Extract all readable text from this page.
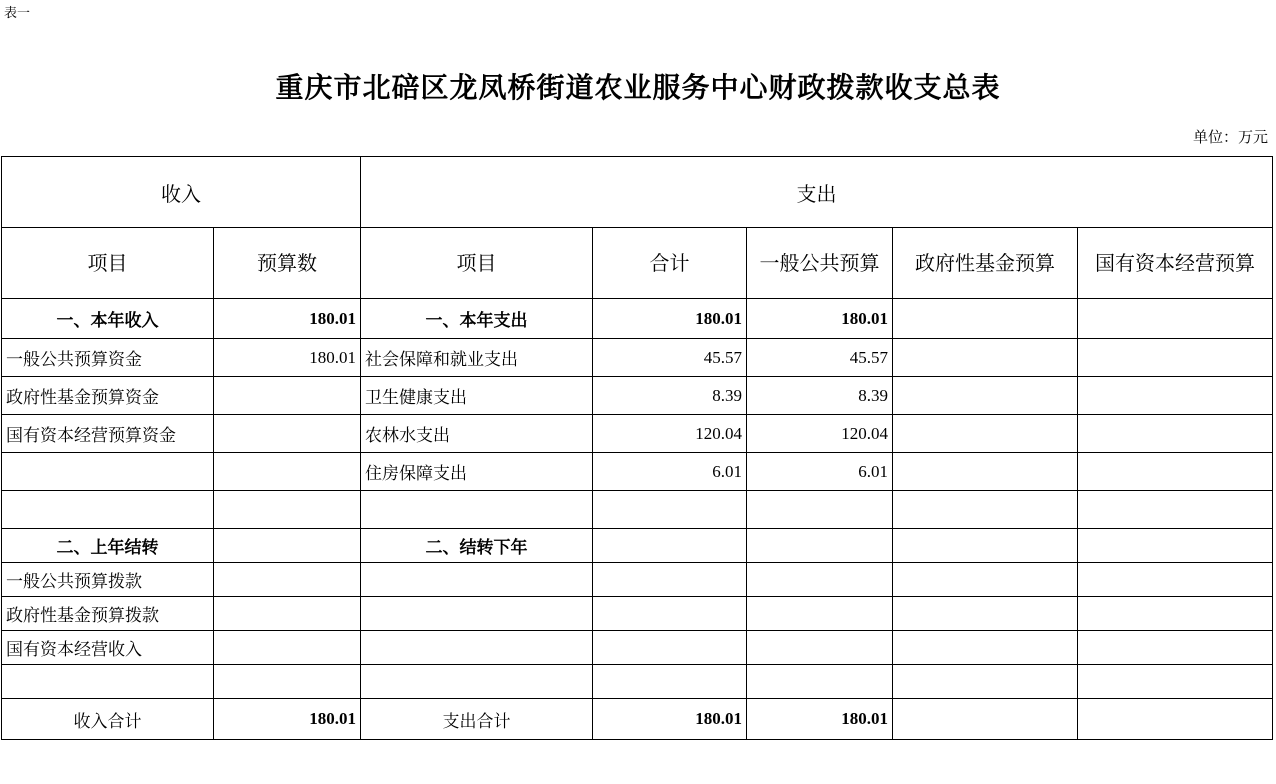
表一
重庆市北碚区龙凤桥街道农业服务中心财政拨款收支总表
单位：万元
收入		支出				
项目	预算数	项目	合计	一般公共预算	政府性基金预算	国有资本经营预算
一、本年收入	180.01	一、本年支出	180.01	180.01		
一般公共预算资金	180.01	社会保障和就业支出	45.57	45.57		
政府性基金预算资金		卫生健康支出	8.39	8.39		
国有资本经营预算资金		农林水支出	120.04	120.04		
		住房保障支出	6.01	6.01		

二、上年结转		二、结转下年				
一般公共预算拨款						
政府性基金预算拨款						
国有资本经营收入						

收入合计	180.01	支出合计	180.01	180.01		
